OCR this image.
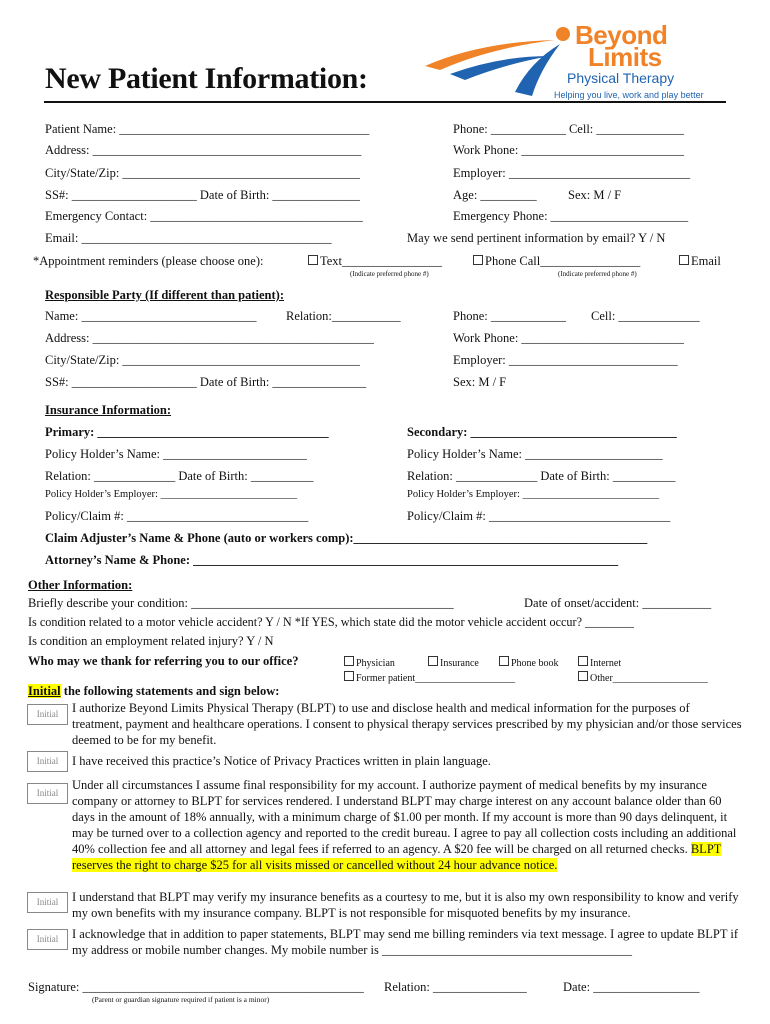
Beyond
Limits
Physical Therapy
Helping you live, work and play better
New Patient Information:
Patient Name: ________________________________________	Phone: ____________ Cell: ______________
Address: ___________________________________________	Work Phone: __________________________
City/State/Zip: ______________________________________	Employer: _____________________________
SS#: ____________________ Date of Birth: ______________	Age: _________	Sex: M / F
Emergency Contact: __________________________________	Emergency Phone: ______________________
Email: ________________________________________	May we send pertinent information by email? Y / N
*Appointment reminders (please choose one):	Text________________	Phone Call________________	Email
(Indicate preferred phone #)	(Indicate preferred phone #)
Responsible Party (If different than patient):
Name: ____________________________ Relation:___________	Phone: ____________ Cell: _____________
Address: _____________________________________________	Work Phone: __________________________
City/State/Zip: ______________________________________	Employer: ___________________________
SS#: ____________________ Date of Birth: _______________	Sex: M / F
Insurance Information:
Primary: _____________________________________	Secondary: _________________________________
Policy Holder’s Name: _______________________	Policy Holder’s Name: ______________________
Relation: _____________ Date of Birth: __________	Relation: _____________ Date of Birth: __________
Policy Holder’s Employer: __________________________	Policy Holder’s Employer: __________________________
Policy/Claim #: _____________________________	Policy/Claim #: _____________________________
Claim Adjuster’s Name & Phone (auto or workers comp):_______________________________________________
Attorney’s Name & Phone: ____________________________________________________________________
Other Information:
Briefly describe your condition: __________________________________________	Date of onset/accident: ___________
Is condition related to a motor vehicle accident? Y / N *If YES, which state did the motor vehicle accident occur? ________
Is condition an employment related injury? Y / N
Who may we thank for referring you to our office?	Physician	Insurance	Phone book	Internet
Former patient____________________	Other___________________
Initial the following statements and sign below:
Initial	I authorize Beyond Limits Physical Therapy (BLPT) to use and disclose health and medical information for the purposes of treatment, payment and healthcare operations. I consent to physical therapy services prescribed by my physician and/or those services deemed to be for my benefit.
Initial	I have received this practice’s Notice of Privacy Practices written in plain language.
Initial
Under all circumstances I assume final responsibility for my account. I authorize payment of medical benefits by my insurance company or attorney to BLPT for services rendered. I understand BLPT may charge interest on any account balance older than 60 days in the amount of 18% annually, with a minimum charge of $1.00 per month. If my account is more than 90 days delinquent, it may be turned over to a collection agency and reported to the credit bureau. I agree to pay all collection costs including an additional 40% collection fee and all attorney and legal fees if referred to an agency. A $20 fee will be charged on all returned checks. BLPT reserves the right to charge $25 for all visits missed or cancelled without 24 hour advance notice.
Initial	I understand that BLPT may verify my insurance benefits as a courtesy to me, but it is also my own responsibility to know and verify my own benefits with my insurance company. BLPT is not responsible for misquoted benefits by my insurance.
Initial	I acknowledge that in addition to paper statements, BLPT may send me billing reminders via text message. I agree to update BLPT if my address or mobile number changes. My mobile number is ________________________________________
Signature: _____________________________________________
(Parent or guardian signature required if patient is a minor)
Relation: _______________	Date: _________________
